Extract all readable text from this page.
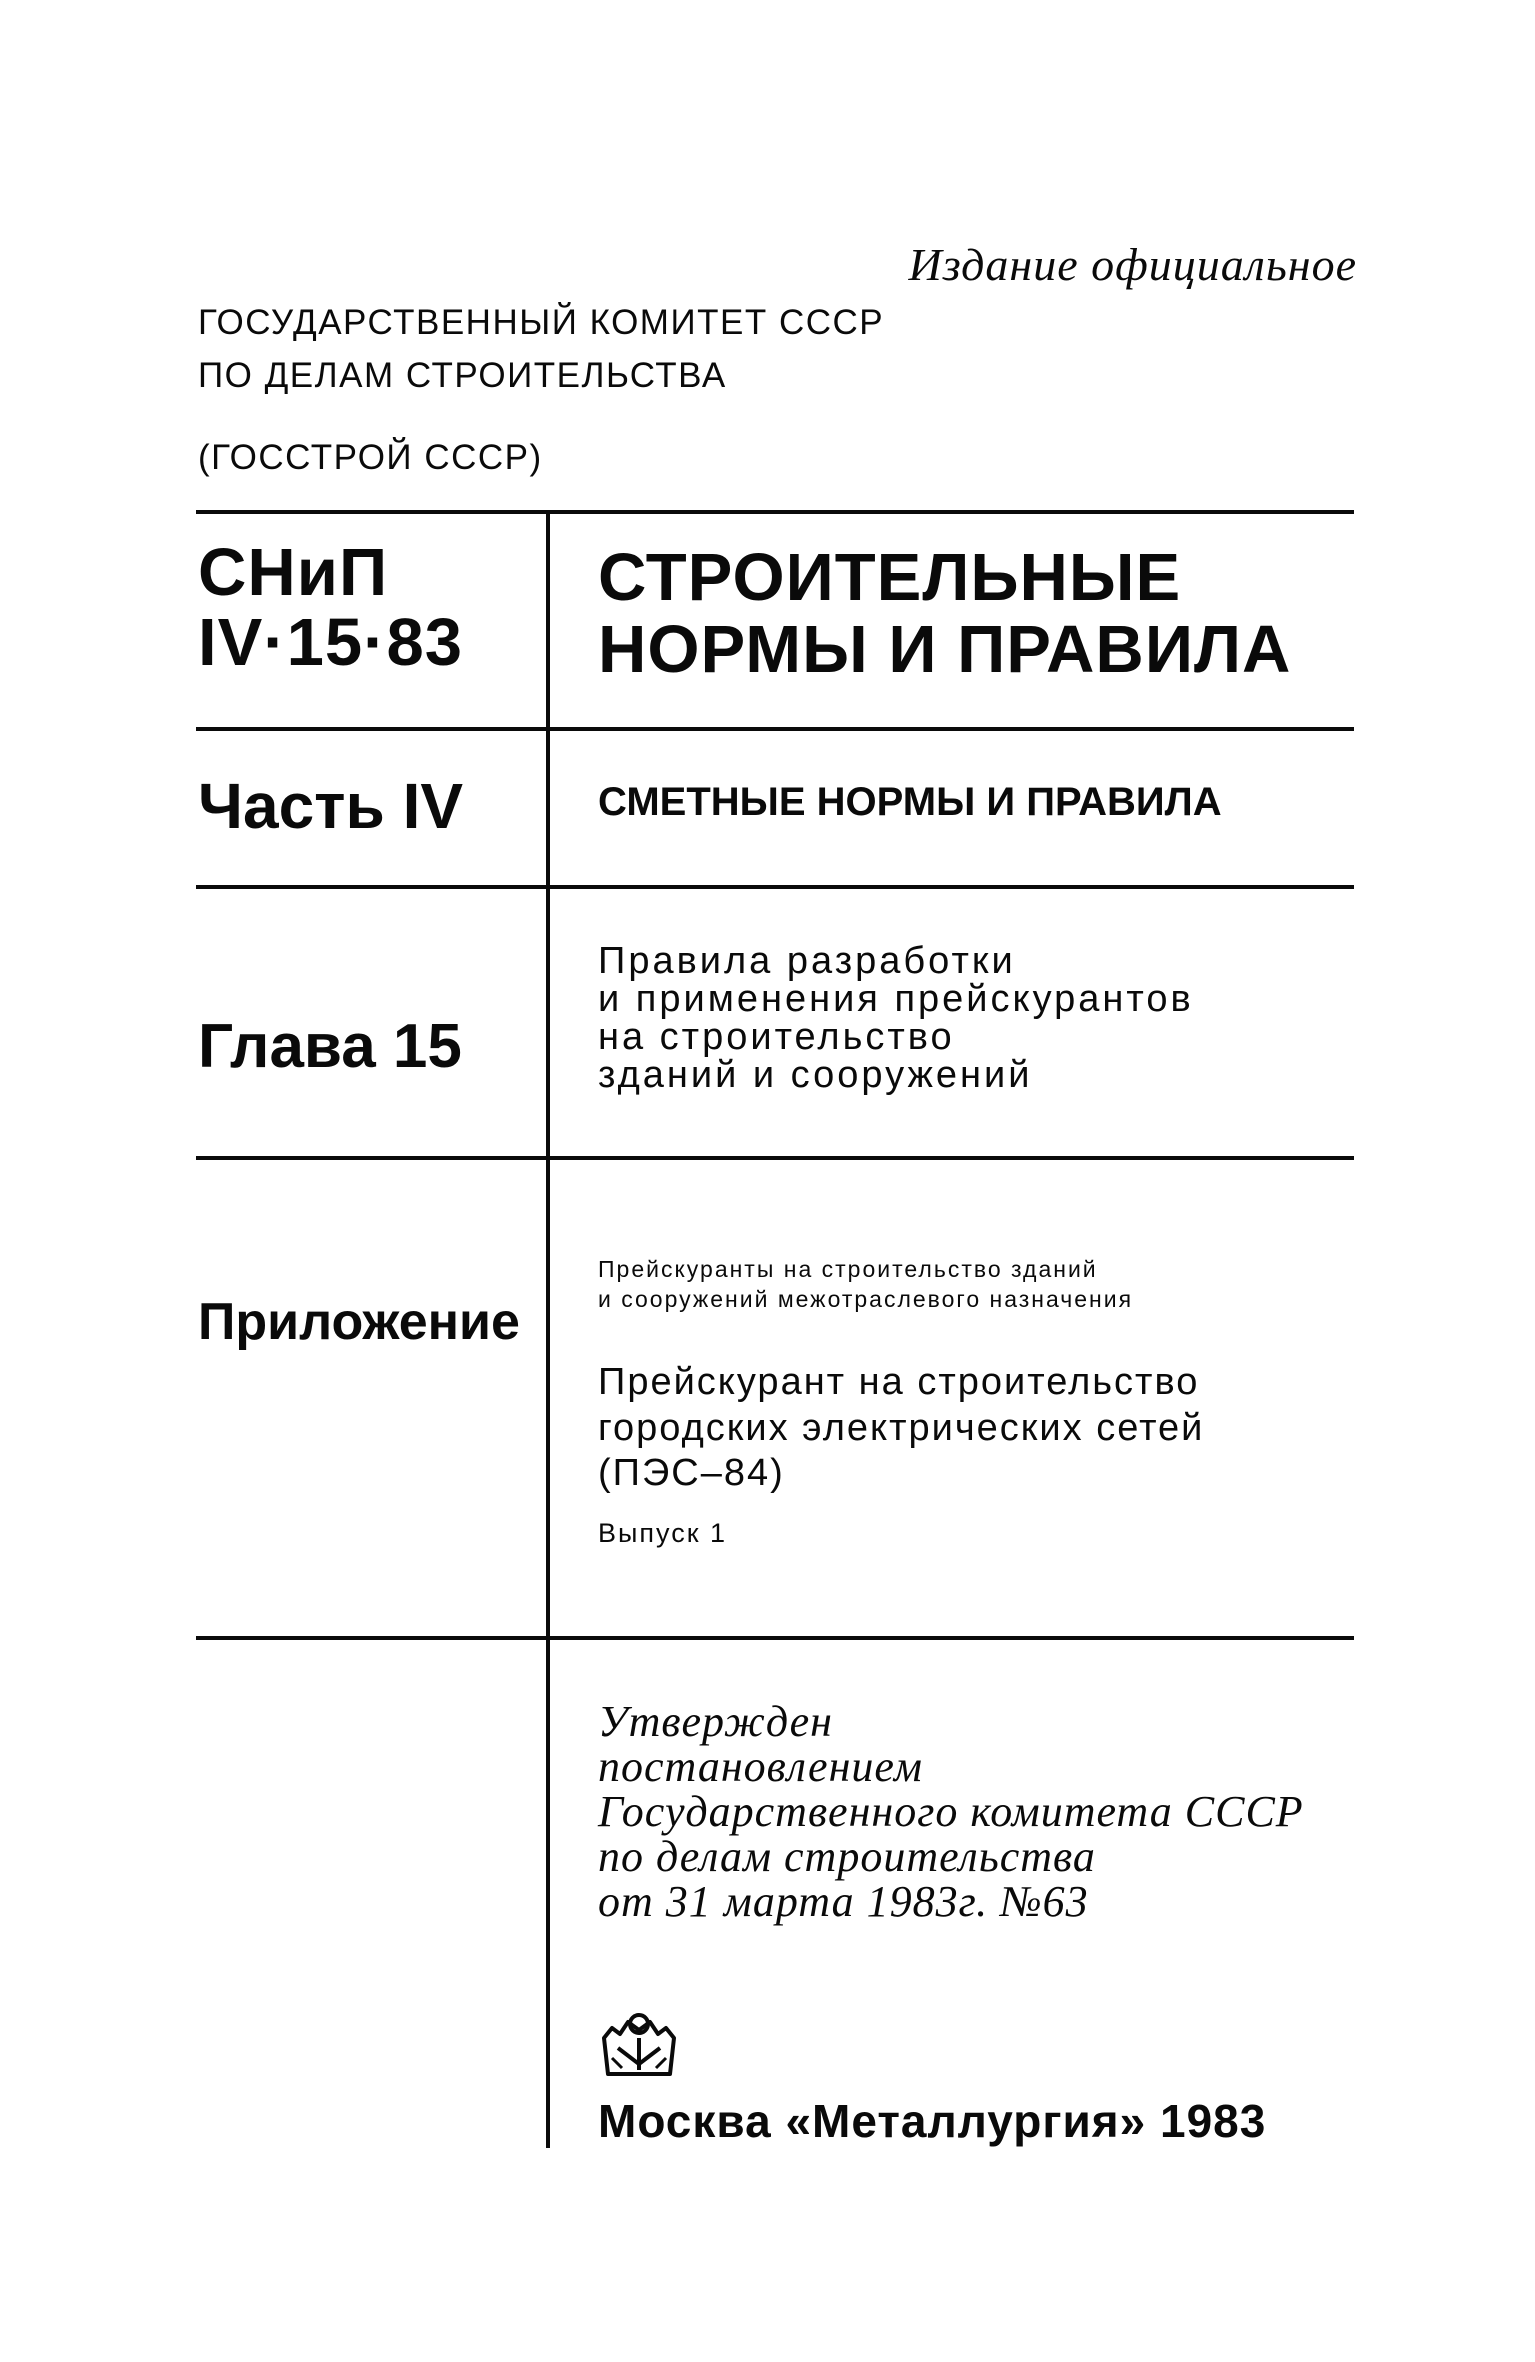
Издание официальное
ГОСУДАРСТВЕННЫЙ КОМИТЕТ СССР
ПО ДЕЛАМ СТРОИТЕЛЬСТВА
(ГОССТРОЙ СССР)
СНиП
IV·15·83
СТРОИТЕЛЬНЫЕ
НОРМЫ И ПРАВИЛА
Часть IV	СМЕТНЫЕ НОРМЫ И ПРАВИЛА
Глава 15
Правила разработки
и применения прейскурантов
на строительство
зданий и сооружений
Приложение
Прейскуранты на строительство зданий
и сооружений межотраслевого назначения
Прейскурант на строительство
городских электрических сетей
(ПЭС–84)
Выпуск 1
Утвержден
постановлением
Государственного комитета СССР
по делам строительства
от 31 марта 1983г. №63
Москва «Металлургия» 1983
